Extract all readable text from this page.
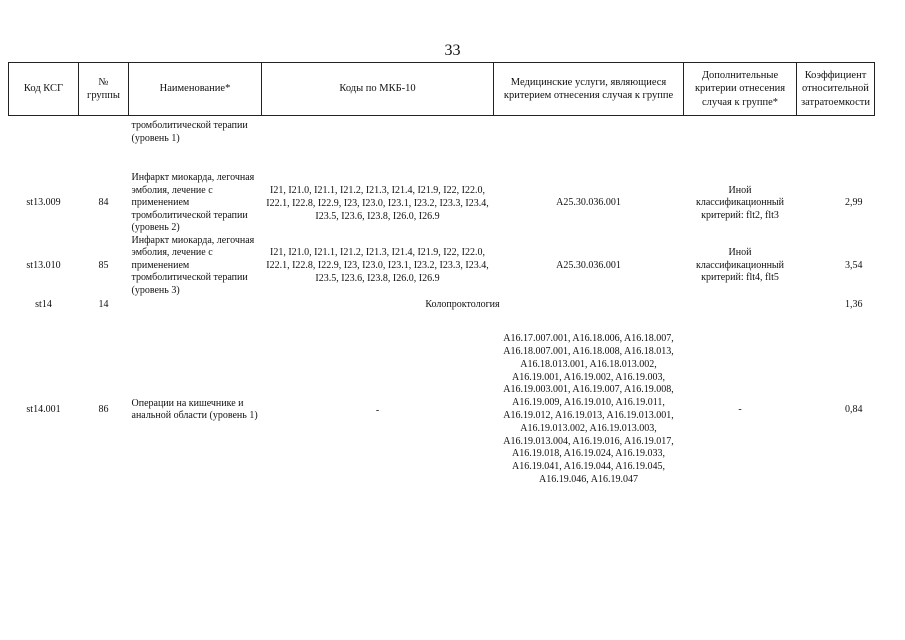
33
Код КСГ	№ группы	Наименование*	Коды по МКБ-10	Медицинские услуги, являющиеся критерием отнесения случая к группе	Дополнительные критерии отнесения случая к группе*	Коэффициент относительной затратоемкости
		тромболитической терапии (уровень 1)				
st13.009	84	Инфаркт миокарда, легочная эмболия, лечение с применением тромболитической терапии (уровень 2)	I21, I21.0, I21.1, I21.2, I21.3, I21.4, I21.9, I22, I22.0, I22.1, I22.8, I22.9, I23, I23.0, I23.1, I23.2, I23.3, I23.4, I23.5, I23.6, I23.8, I26.0, I26.9	A25.30.036.001	Иной классификационный критерий: flt2, flt3	2,99
st13.010	85	Инфаркт миокарда, легочная эмболия, лечение с применением тромболитической терапии (уровень 3)	I21, I21.0, I21.1, I21.2, I21.3, I21.4, I21.9, I22, I22.0, I22.1, I22.8, I22.9, I23, I23.0, I23.1, I23.2, I23.3, I23.4, I23.5, I23.6, I23.8, I26.0, I26.9	A25.30.036.001	Иной классификационный критерий: flt4, flt5	3,54
st14	14	Колопроктология				1,36
st14.001	86	Операции на кишечнике и анальной области (уровень 1)	-	A16.17.007.001, A16.18.006, A16.18.007, A16.18.007.001, A16.18.008, A16.18.013, A16.18.013.001, A16.18.013.002, A16.19.001, A16.19.002, A16.19.003, A16.19.003.001, A16.19.007, A16.19.008, A16.19.009, A16.19.010, A16.19.011, A16.19.012, A16.19.013, A16.19.013.001, A16.19.013.002, A16.19.013.003, A16.19.013.004, A16.19.016, A16.19.017, A16.19.018, A16.19.024, A16.19.033, A16.19.041, A16.19.044, A16.19.045, A16.19.046, A16.19.047	-	0,84
